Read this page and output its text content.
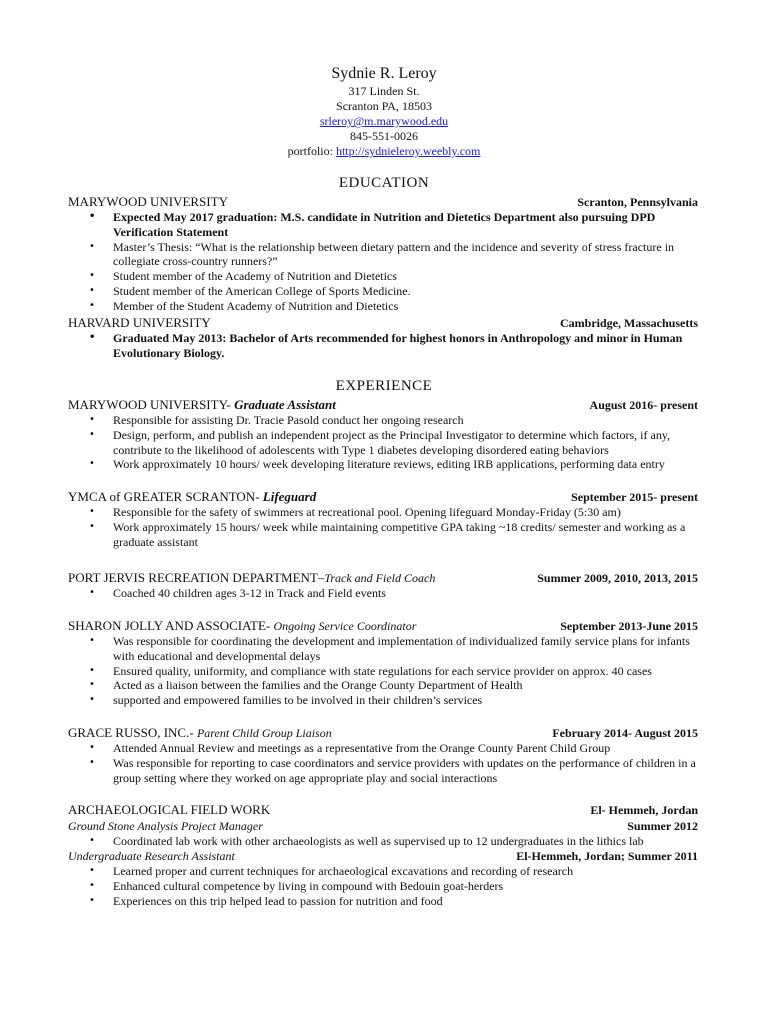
Sydnie R. Leroy
317 Linden St.
Scranton PA, 18503
srleroy@m.marywood.edu
845-551-0026
portfolio: http://sydnieleroy.weebly.com
EDUCATION
MARYWOOD UNIVERSITY	Scranton, Pennsylvania
• Expected May 2017 graduation: M.S. candidate in Nutrition and Dietetics Department also pursuing DPD Verification Statement
• Master’s Thesis: “What is the relationship between dietary pattern and the incidence and severity of stress fracture in collegiate cross-country runners?”
• Student member of the Academy of Nutrition and Dietetics
• Student member of the American College of Sports Medicine.
• Member of the Student Academy of Nutrition and Dietetics
HARVARD UNIVERSITY	Cambridge, Massachusetts
• Graduated May 2013: Bachelor of Arts recommended for highest honors in Anthropology and minor in Human Evolutionary Biology.
EXPERIENCE
MARYWOOD UNIVERSITY- Graduate Assistant	August 2016- present
• Responsible for assisting Dr. Tracie Pasold conduct her ongoing research
• Design, perform, and publish an independent project as the Principal Investigator to determine which factors, if any, contribute to the likelihood of adolescents with Type 1 diabetes developing disordered eating behaviors
• Work approximately 10 hours/ week developing literature reviews, editing IRB applications, performing data entry
YMCA of GREATER SCRANTON- Lifeguard	September 2015- present
• Responsible for the safety of swimmers at recreational pool. Opening lifeguard Monday-Friday (5:30 am)
• Work approximately 15 hours/ week while maintaining competitive GPA taking ~18 credits/ semester and working as a graduate assistant
PORT JERVIS RECREATION DEPARTMENT–Track and Field Coach	Summer 2009, 2010, 2013, 2015
• Coached 40 children ages 3-12 in Track and Field events
SHARON JOLLY AND ASSOCIATE- Ongoing Service Coordinator	September 2013-June 2015
• Was responsible for coordinating the development and implementation of individualized family service plans for infants with educational and developmental delays
• Ensured quality, uniformity, and compliance with state regulations for each service provider on approx. 40 cases
• Acted as a liaison between the families and the Orange County Department of Health
• supported and empowered families to be involved in their children’s services
GRACE RUSSO, INC.- Parent Child Group Liaison	February 2014- August 2015
• Attended Annual Review and meetings as a representative from the Orange County Parent Child Group
• Was responsible for reporting to case coordinators and service providers with updates on the performance of children in a group setting where they worked on age appropriate play and social interactions
ARCHAEOLOGICAL FIELD WORK	El- Hemmeh, Jordan
Ground Stone Analysis Project Manager	Summer 2012
• Coordinated lab work with other archaeologists as well as supervised up to 12 undergraduates in the lithics lab
Undergraduate Research Assistant	El-Hemmeh, Jordan; Summer 2011
• Learned proper and current techniques for archaeological excavations and recording of research
• Enhanced cultural competence by living in compound with Bedouin goat-herders
• Experiences on this trip helped lead to passion for nutrition and food
